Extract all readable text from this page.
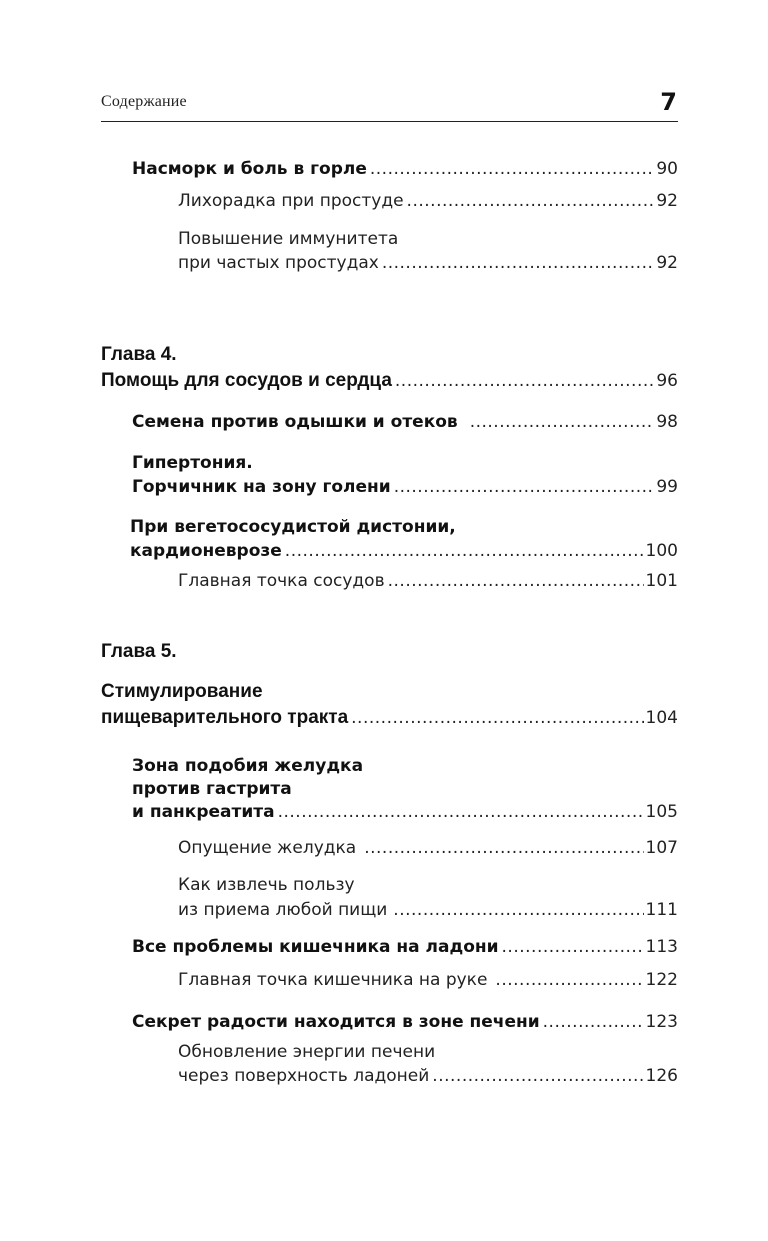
Содержание	7
Насморк и боль в горле .....	90
Лихорадка при простуде .....	92
Повышение иммунитета
при частых простудах .....	92
Глава 4.
Помощь для сосудов и сердца .....	96
Семена против одышки и отеков .....	98
Гипертония.
Горчичник на зону голени .....	99
При вегетососудистой дистонии,
кардионеврозе .....	100
Главная точка сосудов .....	101
Глава 5.
Стимулирование
пищеварительного тракта .....	104
Зона подобия желудка
против гастрита
и панкреатита .....	105
Опущение желудка .....	107
Как извлечь пользу
из приема любой пищи .....	111
Все проблемы кишечника на ладони .....	113
Главная точка кишечника на руке .....	122
Секрет радости находится в зоне печени .....	123
Обновление энергии печени
через поверхность ладоней .....	126
